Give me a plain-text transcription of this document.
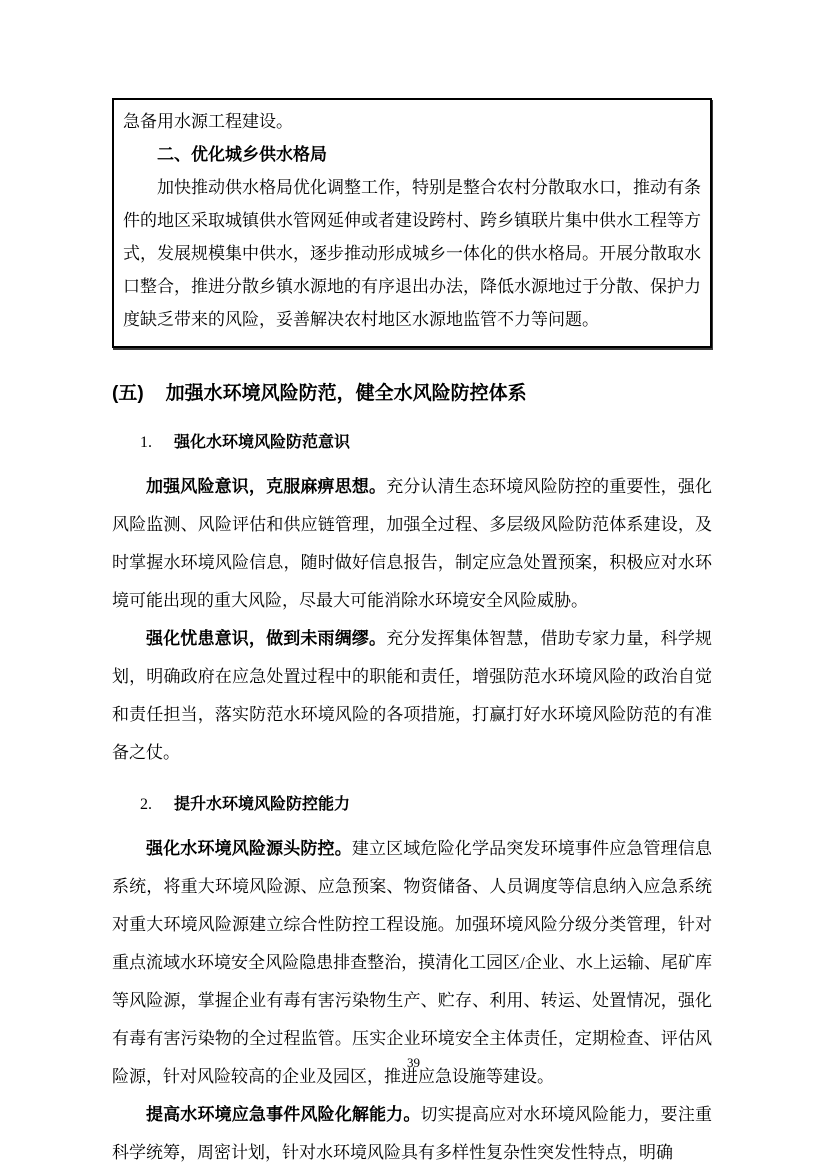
急备用水源工程建设。
二、优化城乡供水格局
加快推动供水格局优化调整工作，特别是整合农村分散取水口，推动有条件的地区采取城镇供水管网延伸或者建设跨村、跨乡镇联片集中供水工程等方式，发展规模集中供水，逐步推动形成城乡一体化的供水格局。开展分散取水口整合，推进分散乡镇水源地的有序退出办法，降低水源地过于分散、保护力度缺乏带来的风险，妥善解决农村地区水源地监管不力等问题。
(五) 加强水环境风险防范，健全水风险防控体系
1. 强化水环境风险防范意识

加强风险意识，克服麻痹思想。充分认清生态环境风险防控的重要性，强化风险监测、风险评估和供应链管理，加强全过程、多层级风险防范体系建设，及时掌握水环境风险信息，随时做好信息报告，制定应急处置预案，积极应对水环境可能出现的重大风险，尽最大可能消除水环境安全风险威胁。

强化忧患意识，做到未雨绸缪。充分发挥集体智慧，借助专家力量，科学规划，明确政府在应急处置过程中的职能和责任，增强防范水环境风险的政治自觉和责任担当，落实防范水环境风险的各项措施，打赢打好水环境风险防范的有准备之仗。

2. 提升水环境风险防控能力

强化水环境风险源头防控。建立区域危险化学品突发环境事件应急管理信息系统，将重大环境风险源、应急预案、物资储备、人员调度等信息纳入应急系统对重大环境风险源建立综合性防控工程设施。加强环境风险分级分类管理，针对重点流域水环境安全风险隐患排查整治，摸清化工园区/企业、水上运输、尾矿库等风险源，掌握企业有毒有害污染物生产、贮存、利用、转运、处置情况，强化有毒有害污染物的全过程监管。压实企业环境安全主体责任，定期检查、评估风险源，针对风险较高的企业及园区，推进应急设施等建设。

提高水环境应急事件风险化解能力。切实提高应对水环境风险能力，要注重科学统筹，周密计划，针对水环境风险具有多样性复杂性突发性特点，明确

39
